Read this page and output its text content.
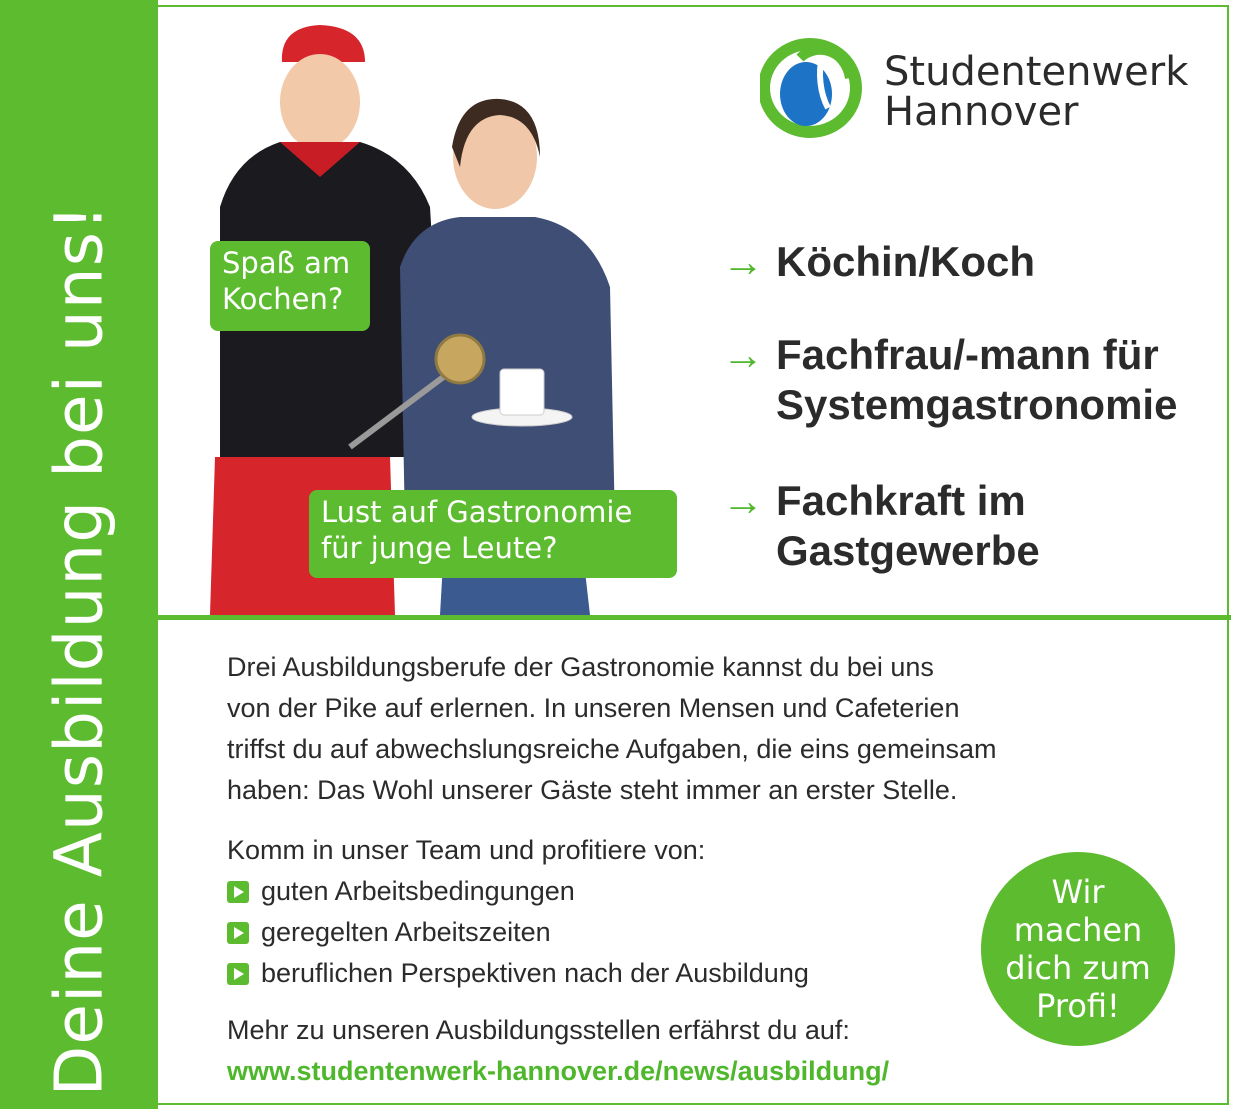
Deine Ausbildung bei uns!
Studentenwerk
Hannover
Spaß am
Kochen?
Lust auf Gastronomie
für junge Leute?
→ Köchin/Koch
→ Fachfrau/-mann für
Systemgastronomie
→ Fachkraft im
Gastgewerbe

Drei Ausbildungsberufe der Gastronomie kannst du bei uns

von der Pike auf erlernen. In unseren Mensen und Cafeterien

triffst du auf abwechslungsreiche Aufgaben, die eins gemeinsam

haben: Das Wohl unserer Gäste steht immer an erster Stelle.

Komm in unser Team und profitiere von:

guten Arbeitsbedingungen
geregelten Arbeitszeiten
beruflichen Perspektiven nach der Ausbildung
Mehr zu unseren Ausbildungsstellen erfährst du auf:
www.studentenwerk-hannover.de/news/ausbildung/
Wir
machen
dich zum
Profi!
